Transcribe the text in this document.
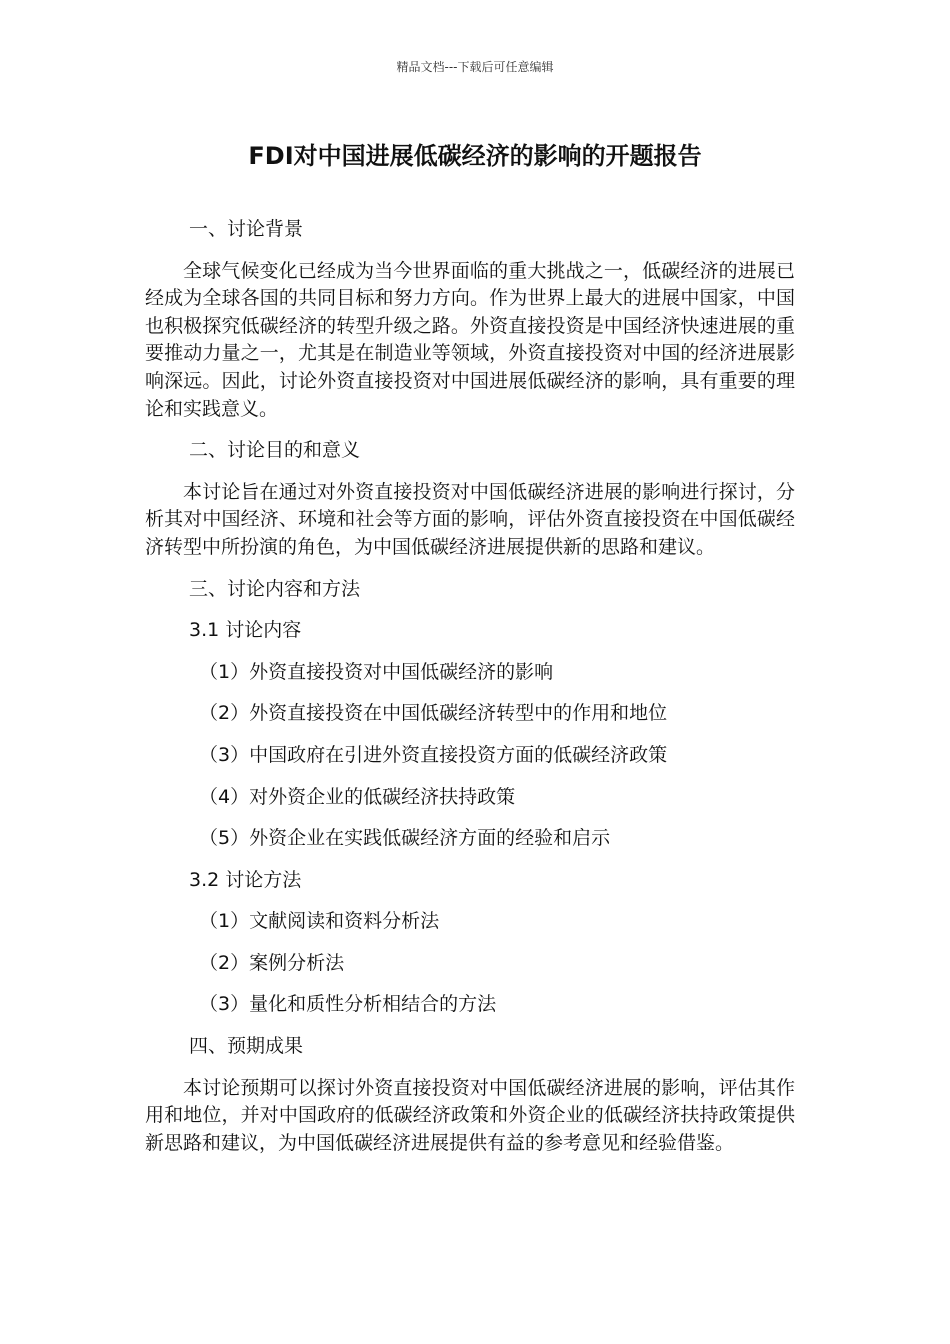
精品文档---下载后可任意编辑
FDI对中国进展低碳经济的影响的开题报告

一、讨论背景

全球气候变化已经成为当今世界面临的重大挑战之一，低碳经济的进展已经成为全球各国的共同目标和努力方向。作为世界上最大的进展中国家，中国也积极探究低碳经济的转型升级之路。外资直接投资是中国经济快速进展的重要推动力量之一，尤其是在制造业等领域，外资直接投资对中国的经济进展影响深远。因此，讨论外资直接投资对中国进展低碳经济的影响，具有重要的理论和实践意义。

二、讨论目的和意义

本讨论旨在通过对外资直接投资对中国低碳经济进展的影响进行探讨，分析其对中国经济、环境和社会等方面的影响，评估外资直接投资在中国低碳经济转型中所扮演的角色，为中国低碳经济进展提供新的思路和建议。

三、讨论内容和方法

3.1 讨论内容

（1）外资直接投资对中国低碳经济的影响

（2）外资直接投资在中国低碳经济转型中的作用和地位

（3）中国政府在引进外资直接投资方面的低碳经济政策

（4）对外资企业的低碳经济扶持政策

（5）外资企业在实践低碳经济方面的经验和启示

3.2 讨论方法

（1）文献阅读和资料分析法

（2）案例分析法

（3）量化和质性分析相结合的方法

四、预期成果

本讨论预期可以探讨外资直接投资对中国低碳经济进展的影响，评估其作用和地位，并对中国政府的低碳经济政策和外资企业的低碳经济扶持政策提供新思路和建议，为中国低碳经济进展提供有益的参考意见和经验借鉴。
